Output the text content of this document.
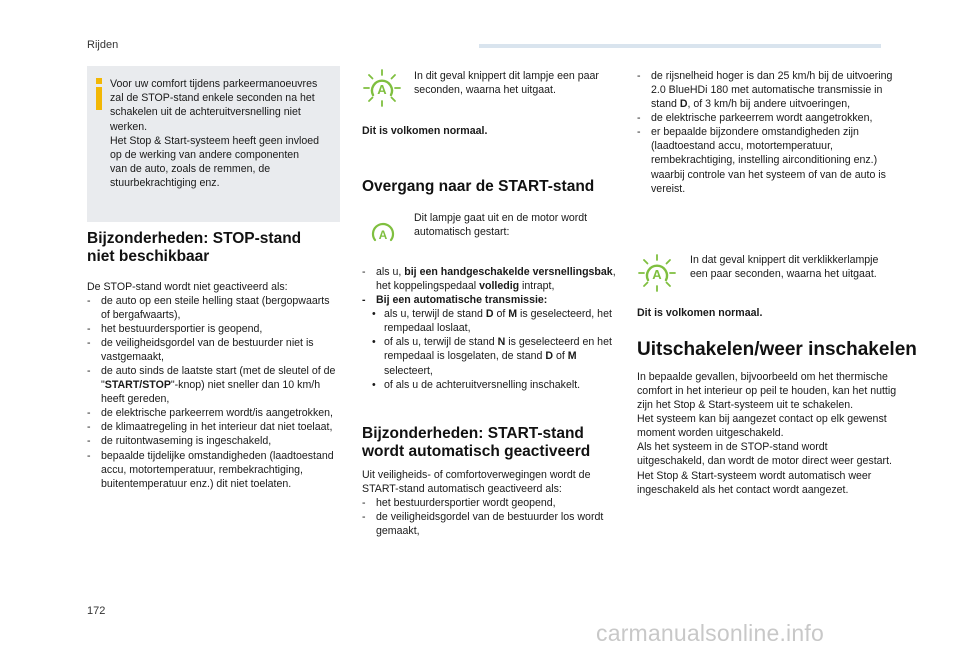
Rijden
Voor uw comfort tijdens parkeermanoeuvres
zal de STOP-stand enkele seconden na het
schakelen uit de achteruitversnelling niet
werken.
Het Stop & Start-systeem heeft geen invloed
op de werking van andere componenten
van de auto, zoals de remmen, de
stuurbekrachtiging enz.
Bijzonderheden: STOP-stand niet beschikbaar

De STOP-stand wordt niet geactiveerd als:

- de auto op een steile helling staat (bergopwaarts of bergafwaarts),
- het bestuurdersportier is geopend,
- de veiligheidsgordel van de bestuurder niet is vastgemaakt,
- de auto sinds de laatste start (met de sleutel of de "START/STOP"-knop) niet sneller dan 10 km/h heeft gereden,
- de elektrische parkeerrem wordt/is aangetrokken,
- de klimaatregeling in het interieur dat niet toelaat,
- de ruitontwaseming is ingeschakeld,
- bepaalde tijdelijke omstandigheden (laadtoestand accu, motortemperatuur, rembekrachtiging, buitentemperatuur enz.) dit niet toelaten.
A
In dit geval knippert dit lampje een paar seconden, waarna het uitgaat.
Dit is volkomen normaal.
Overgang naar de START-stand
A
Dit lampje gaat uit en de motor wordt automatisch gestart:
- als u, bij een handgeschakelde versnellingsbak, het koppelingspedaal volledig intrapt,
- Bij een automatische transmissie:
• als u, terwijl de stand D of M is geselecteerd, het rempedaal loslaat,
• of als u, terwijl de stand N is geselecteerd en het rempedaal is losgelaten, de stand D of M selecteert,
• of als u de achteruitversnelling inschakelt.
Bijzonderheden: START-stand wordt automatisch geactiveerd

Uit veiligheids- of comfortoverwegingen wordt de START-stand automatisch geactiveerd als:

- het bestuurdersportier wordt geopend,
- de veiligheidsgordel van de bestuurder los wordt gemaakt,
- de rijsnelheid hoger is dan 25 km/h bij de uitvoering 2.0 BlueHDi 180 met automatische transmissie in stand D, of 3 km/h bij andere uitvoeringen,
- de elektrische parkeerrem wordt aangetrokken,
- er bepaalde bijzondere omstandigheden zijn (laadtoestand accu, motortemperatuur, rembekrachtiging, instelling airconditioning enz.) waarbij controle van het systeem of van de auto is vereist.
A
In dat geval knippert dit verklikkerlampje een paar seconden, waarna het uitgaat.
Dit is volkomen normaal.
Uitschakelen/weer inschakelen

In bepaalde gevallen, bijvoorbeeld om het thermische comfort in het interieur op peil te houden, kan het nuttig zijn het Stop & Start-systeem uit te schakelen.

Het systeem kan bij aangezet contact op elk gewenst moment worden uitgeschakeld.

Als het systeem in de STOP-stand wordt uitgeschakeld, dan wordt de motor direct weer gestart.

Het Stop & Start-systeem wordt automatisch weer ingeschakeld als het contact wordt aangezet.

172
carmanualsonline.info
